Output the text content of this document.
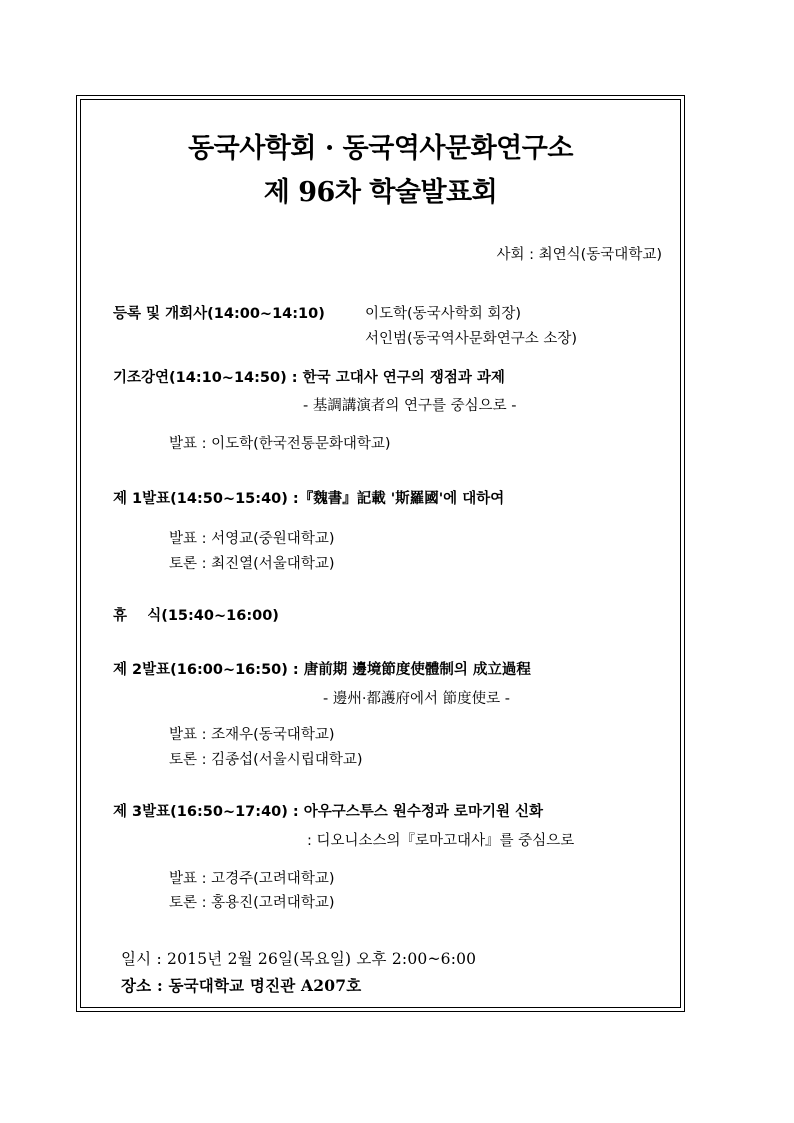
동국사학회 · 동국역사문화연구소
제 96차 학술발표회
사회 : 최연식(동국대학교)
등록 및 개회사(14:00~14:10)	이도학(동국사학회 회장)
서인범(동국역사문화연구소 소장)
기조강연(14:10~14:50) : 한국 고대사 연구의 쟁점과 과제
- 基調講演者의 연구를 중심으로 -
발표 : 이도학(한국전통문화대학교)
제 1발표(14:50~15:40) :『魏書』記載 '斯羅國'에 대하여
발표 : 서영교(중원대학교)
토론 : 최진열(서울대학교)
휴    식(15:40~16:00)
제 2발표(16:00~16:50) : 唐前期 邊境節度使體制의 成立過程
- 邊州·都護府에서 節度使로 -
발표 : 조재우(동국대학교)
토론 : 김종섭(서울시립대학교)
제 3발표(16:50~17:40) : 아우구스투스 원수정과 로마기원 신화
: 디오니소스의『로마고대사』를 중심으로
발표 : 고경주(고려대학교)
토론 : 홍용진(고려대학교)
일시 : 2015년 2월 26일(목요일) 오후 2:00~6:00
장소 : 동국대학교 명진관 A207호
